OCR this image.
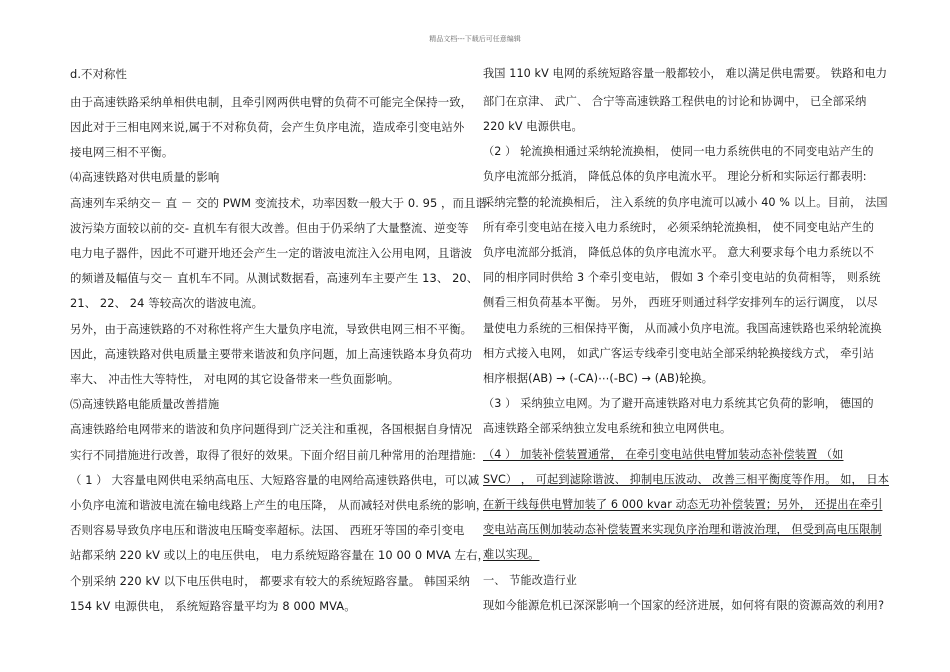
精品文档---下载后可任意编辑
d.不对称性
由于高速铁路采纳单相供电制，且牵引网两供电臂的负荷不可能完全保持一致，
因此对于三相电网来说,属于不对称负荷，会产生负序电流，造成牵引变电站外
接电网三相不平衡。
⑷高速铁路对供电质量的影响
高速列车采纳交－ 直 － 交的 PWM 变流技术，功率因数一般大于 0. 95 ，而且谐
波污染方面较以前的交- 直机车有很大改善。但由于仍采纳了大量整流、逆变等
电力电子器件，因此不可避开地还会产生一定的谐波电流注入公用电网，且谐波
的频谱及幅值与交－ 直机车不同。从测试数据看，高速列车主要产生 13、 20、
21、 22、 24 等较高次的谐波电流。
另外，由于高速铁路的不对称性将产生大量负序电流，导致供电网三相不平衡。
因此，高速铁路对供电质量主要带来谐波和负序问题，加上高速铁路本身负荷功
率大、 冲击性大等特性， 对电网的其它设备带来一些负面影响。
⑸高速铁路电能质量改善措施
高速铁路给电网带来的谐波和负序问题得到广泛关注和重视，各国根据自身情况
实行不同措施进行改善，取得了很好的效果。下面介绍目前几种常用的治理措施:
（ 1 ） 大容量电网供电采纳高电压、大短路容量的电网给高速铁路供电，可以减
小负序电流和谐波电流在输电线路上产生的电压降， 从而减轻对供电系统的影响，
否则容易导致负序电压和谐波电压畸变率超标。法国、 西班牙等国的牵引变电
站都采纳 220 kV 或以上的电压供电， 电力系统短路容量在 10 00 0 MVA 左右，
个别采纳 220 kV 以下电压供电时， 都要求有较大的系统短路容量。 韩国采纳
154 kV 电源供电， 系统短路容量平均为 8 000 MVA。
我国 110 kV 电网的系统短路容量一般都较小， 难以满足供电需要。 铁路和电力
部门在京津、 武广、 合宁等高速铁路工程供电的讨论和协调中， 已全部采纳
220 kV 电源供电。
（2 ） 轮流换相通过采纳轮流换相， 使同一电力系统供电的不同变电站产生的
负序电流部分抵消， 降低总体的负序电流水平。 理论分析和实际运行都表明:
采纳完整的轮流换相后， 注入系统的负序电流可以减小 40 % 以上。目前， 法国
所有牵引变电站在接入电力系统时， 必须采纳轮流换相， 使不同变电站产生的
负序电流部分抵消， 降低总体的负序电流水平。 意大利要求每个电力系统以不
同的相序同时供给 3 个牵引变电站， 假如 3 个牵引变电站的负荷相等， 则系统
侧看三相负荷基本平衡。 另外， 西班牙则通过科学安排列车的运行调度， 以尽
量使电力系统的三相保持平衡， 从而减小负序电流。我国高速铁路也采纳轮流换
相方式接入电网， 如武广客运专线牵引变电站全部采纳轮换接线方式， 牵引站
相序根据(AB) → (-CA)⋯(-BC) → (AB)轮换。
（3 ） 采纳独立电网。为了避开高速铁路对电力系统其它负荷的影响， 德国的
高速铁路全部采纳独立发电系统和独立电网供电。
（4 ） 加装补偿装置通常， 在牵引变电站供电臂加装动态补偿装置 （如
SVC） ， 可起到滤除谐波、 抑制电压波动、 改善三相平衡度等作用。 如， 日本
在新干线每供电臂加装了 6 000 kvar 动态无功补偿装置；另外， 还提出在牵引
变电站高压侧加装动态补偿装置来实现负序治理和谐波治理， 但受到高电压限制
难以实现。
一、 节能改造行业
现如今能源危机已深深影响一个国家的经济进展，如何将有限的资源高效的利用?
